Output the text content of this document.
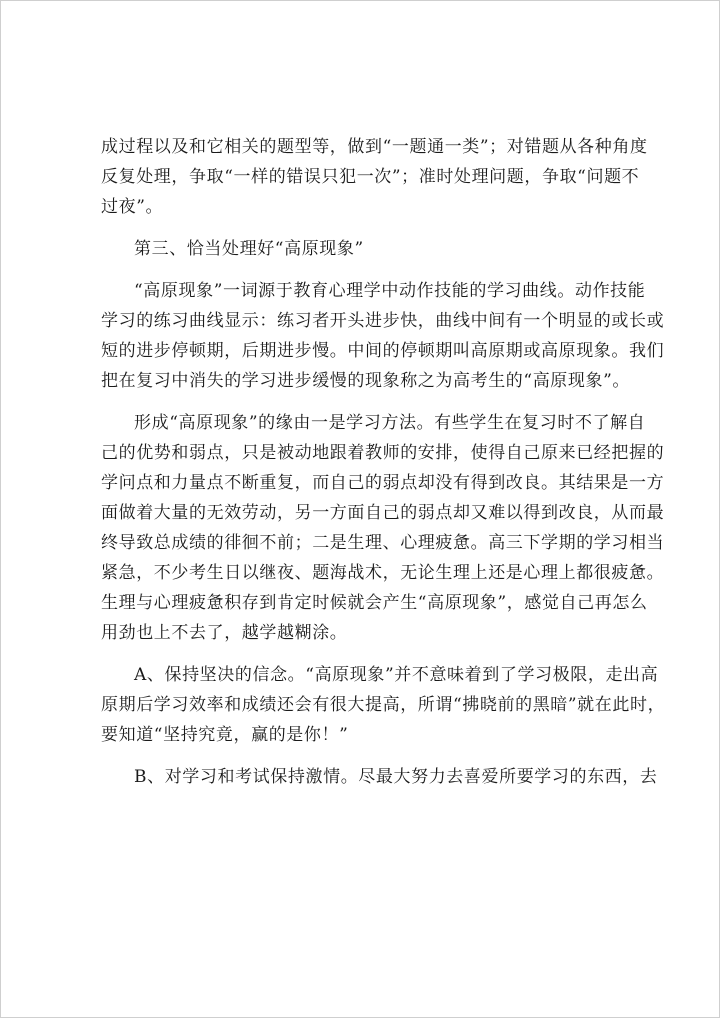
成过程以及和它相关的题型等，做到“一题通一类”；对错题从各种角度
反复处理，争取“一样的错误只犯一次”；准时处理问题，争取“问题不
过夜”。
第三、恰当处理好“高原现象”
“高原现象”一词源于教育心理学中动作技能的学习曲线。动作技能
学习的练习曲线显示：练习者开头进步快，曲线中间有一个明显的或长或
短的进步停顿期，后期进步慢。中间的停顿期叫高原期或高原现象。我们
把在复习中消失的学习进步缓慢的现象称之为高考生的“高原现象”。
形成“高原现象”的缘由一是学习方法。有些学生在复习时不了解自
己的优势和弱点，只是被动地跟着教师的安排，使得自己原来已经把握的
学问点和力量点不断重复，而自己的弱点却没有得到改良。其结果是一方
面做着大量的无效劳动，另一方面自己的弱点却又难以得到改良，从而最
终导致总成绩的徘徊不前；二是生理、心理疲惫。高三下学期的学习相当
紧急，不少考生日以继夜、题海战术，无论生理上还是心理上都很疲惫。
生理与心理疲惫积存到肯定时候就会产生“高原现象”，感觉自己再怎么
用劲也上不去了，越学越糊涂。
A、保持坚决的信念。“高原现象”并不意味着到了学习极限，走出高
原期后学习效率和成绩还会有很大提高，所谓“拂晓前的黑暗”就在此时，
要知道“坚持究竟，赢的是你！”
B、对学习和考试保持激情。尽最大努力去喜爱所要学习的东西，去
